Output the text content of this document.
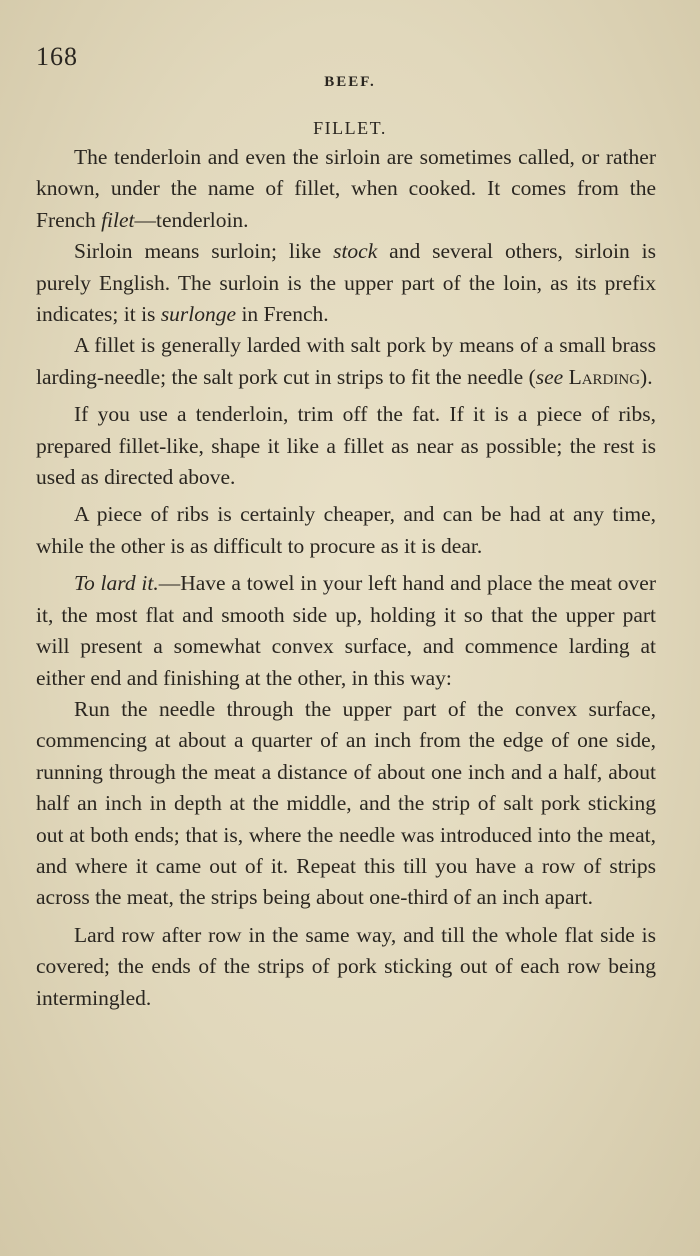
168
BEEF.
FILLET.

The tenderloin and even the sirloin are sometimes called, or rather known, under the name of fillet, when cooked. It comes from the French filet—tenderloin.

Sirloin means surloin; like stock and several others, sirloin is purely English. The surloin is the upper part of the loin, as its prefix indicates; it is surlonge in French.

A fillet is generally larded with salt pork by means of a small brass larding-needle; the salt pork cut in strips to fit the needle (see Larding).

If you use a tenderloin, trim off the fat. If it is a piece of ribs, prepared fillet-like, shape it like a fillet as near as possible; the rest is used as directed above.

A piece of ribs is certainly cheaper, and can be had at any time, while the other is as difficult to procure as it is dear.

To lard it.—Have a towel in your left hand and place the meat over it, the most flat and smooth side up, holding it so that the upper part will present a somewhat convex surface, and commence larding at either end and finishing at the other, in this way:

Run the needle through the upper part of the convex surface, commencing at about a quarter of an inch from the edge of one side, running through the meat a distance of about one inch and a half, about half an inch in depth at the middle, and the strip of salt pork sticking out at both ends; that is, where the needle was introduced into the meat, and where it came out of it. Repeat this till you have a row of strips across the meat, the strips being about one-third of an inch apart.

Lard row after row in the same way, and till the whole flat side is covered; the ends of the strips of pork sticking out of each row being intermingled.
